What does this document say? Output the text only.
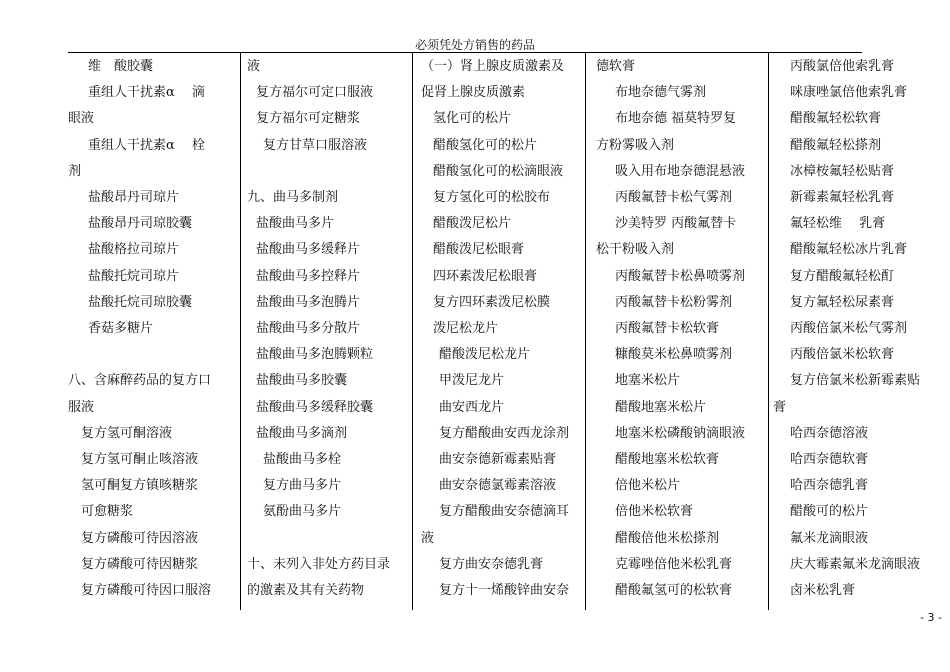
必须凭处方销售的药品
维　酸胶囊
重组人干扰素α　 滴
眼液
重组人干扰素α　 栓
剂
盐酸昂丹司琼片
盐酸昂丹司琼胶囊
盐酸格拉司琼片
盐酸托烷司琼片
盐酸托烷司琼胶囊
香菇多糖片
八、含麻醉药品的复方口
服液
复方氢可酮溶液
复方氢可酮止咳溶液
氢可酮复方镇咳糖浆
可愈糖浆
复方磷酸可待因溶液
复方磷酸可待因糖浆
复方磷酸可待因口服溶
液
复方福尔可定口服液
复方福尔可定糖浆
复方甘草口服溶液
九、曲马多制剂
盐酸曲马多片
盐酸曲马多缓释片
盐酸曲马多控释片
盐酸曲马多泡腾片
盐酸曲马多分散片
盐酸曲马多泡腾颗粒
盐酸曲马多胶囊
盐酸曲马多缓释胶囊
盐酸曲马多滴剂
盐酸曲马多栓
复方曲马多片
氨酚曲马多片
十、未列入非处方药目录
的激素及其有关药物
（一）肾上腺皮质激素及
促肾上腺皮质激素
氢化可的松片
醋酸氢化可的松片
醋酸氢化可的松滴眼液
复方氢化可的松胶布
醋酸泼尼松片
醋酸泼尼松眼膏
四环素泼尼松眼膏
复方四环素泼尼松膜
泼尼松龙片
醋酸泼尼松龙片
甲泼尼龙片
曲安西龙片
复方醋酸曲安西龙涂剂
曲安奈德新霉素贴膏
曲安奈德氯霉素溶液
复方醋酸曲安奈德滴耳
液
复方曲安奈德乳膏
复方十一烯酸锌曲安奈
德软膏
布地奈德气雾剂
布地奈德 福莫特罗复
方粉雾吸入剂
吸入用布地奈德混悬液
丙酸氟替卡松气雾剂
沙美特罗 丙酸氟替卡
松干粉吸入剂
丙酸氟替卡松鼻喷雾剂
丙酸氟替卡松粉雾剂
丙酸氟替卡松软膏
糠酸莫米松鼻喷雾剂
地塞米松片
醋酸地塞米松片
地塞米松磷酸钠滴眼液
醋酸地塞米松软膏
倍他米松片
倍他米松软膏
醋酸倍他米松搽剂
克霉唑倍他米松乳膏
醋酸氟氢可的松软膏
丙酸氯倍他索乳膏
咪康唑氯倍他索乳膏
醋酸氟轻松软膏
醋酸氟轻松搽剂
冰樟桉氟轻松贴膏
新霉素氟轻松乳膏
氟轻松维　 乳膏
醋酸氟轻松冰片乳膏
复方醋酸氟轻松酊
复方氟轻松尿素膏
丙酸倍氯米松气雾剂
丙酸倍氯米松软膏
复方倍氯米松新霉素贴
膏
哈西奈德溶液
哈西奈德软膏
哈西奈德乳膏
醋酸可的松片
氟米龙滴眼液
庆大霉素氟米龙滴眼液
卤米松乳膏
- 3 -
